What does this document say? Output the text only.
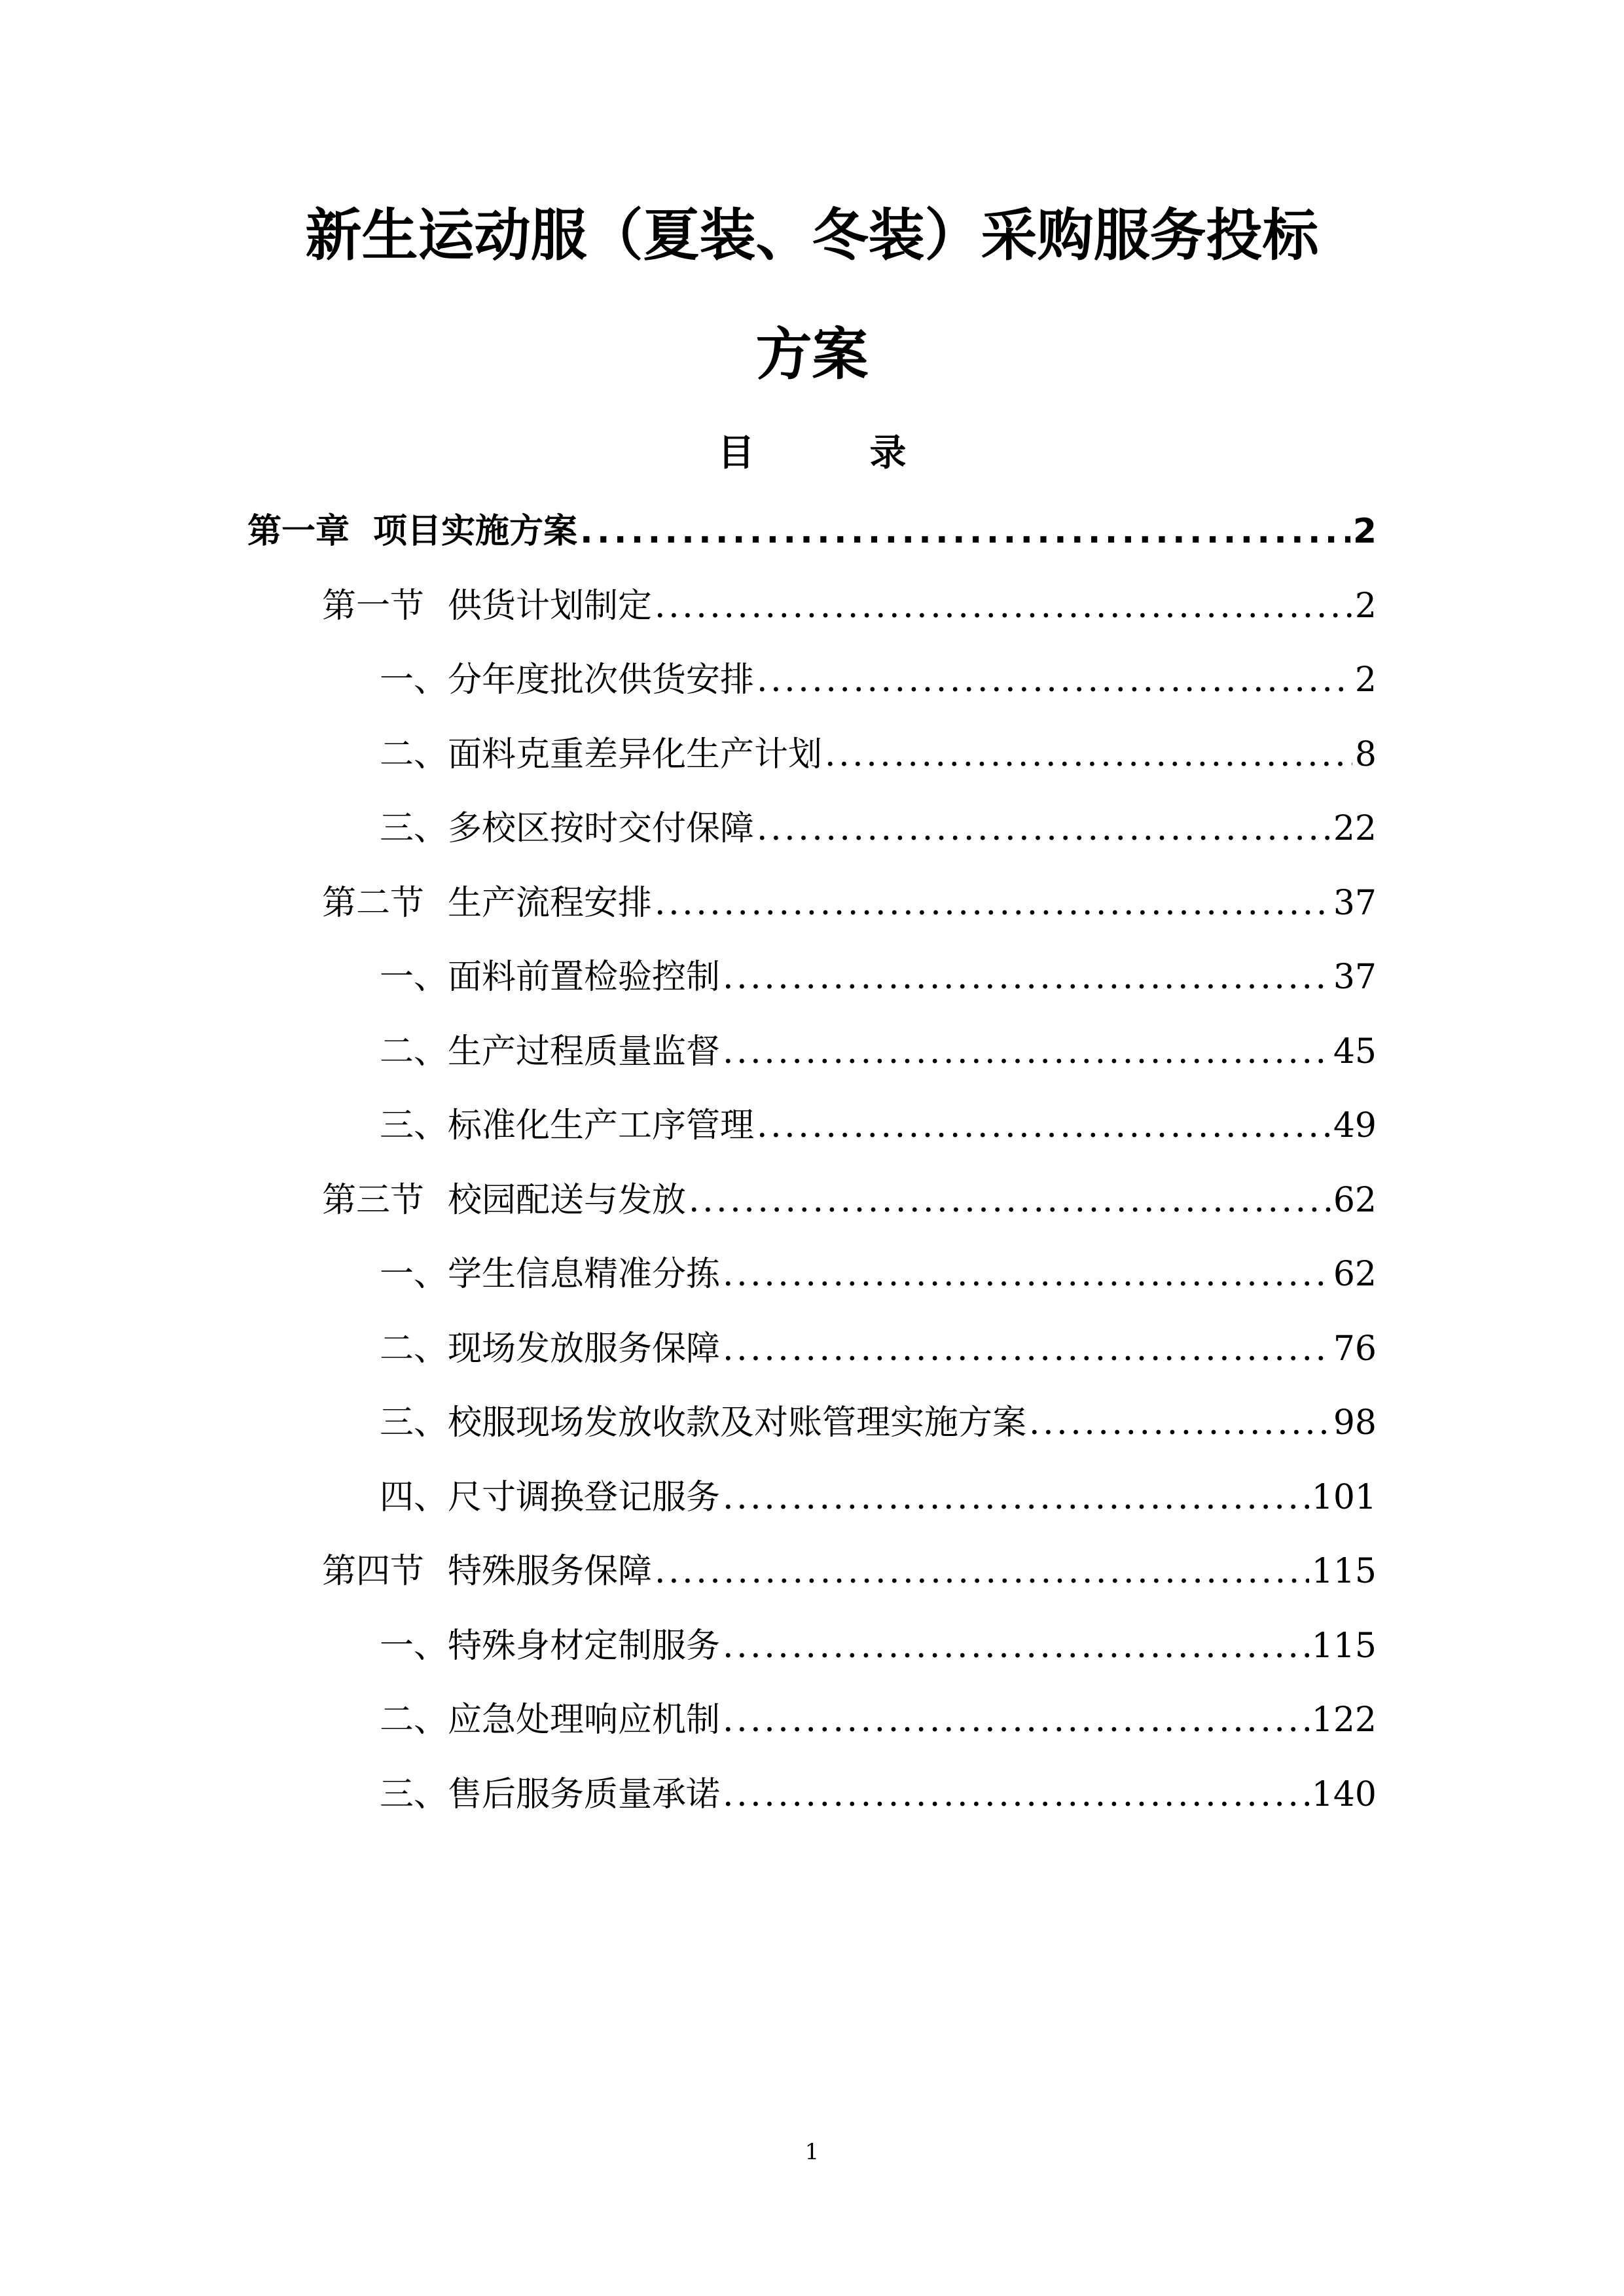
新生运动服（夏装、冬装）采购服务投标
方案
目　录
第一章 项目实施方案 . . .	2
第一节 供货计划制定 . . .	2
一、 分年度批次供货安排 . . .	2
二、 面料克重差异化生产计划 . . .	8
三、 多校区按时交付保障 . . .	22
第二节 生产流程安排 . . .	37
一、 面料前置检验控制 . . .	37
二、 生产过程质量监督 . . .	45
三、 标准化生产工序管理 . . .	49
第三节 校园配送与发放 . . .	62
一、 学生信息精准分拣 . . .	62
二、 现场发放服务保障 . . .	76
三、 校服现场发放收款及对账管理实施方案 . . .	98
四、 尺寸调换登记服务 . . .	101
第四节 特殊服务保障 . . .	115
一、 特殊身材定制服务 . . .	115
二、 应急处理响应机制 . . .	122
三、 售后服务质量承诺 . . .	140
1
